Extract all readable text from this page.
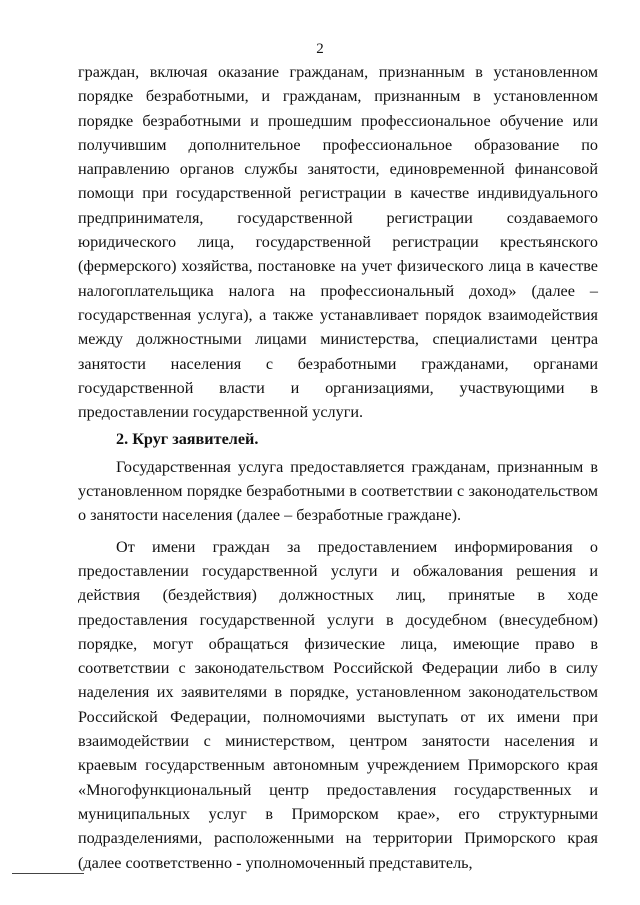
2

граждан, включая оказание гражданам, признанным в установленном порядке безработными, и гражданам, признанным в установленном порядке безработными и прошедшим профессиональное обучение или получившим дополнительное профессиональное образование по направлению органов службы занятости, единовременной финансовой помощи при государственной регистрации в качестве индивидуального предпринимателя, государственной регистрации создаваемого юридического лица, государственной регистрации крестьянского (фермерского) хозяйства, постановке на учет физического лица в качестве налогоплательщика налога на профессиональный доход» (далее – государственная услуга), а также устанавливает порядок взаимодействия между должностными лицами министерства, специалистами центра занятости населения с безработными гражданами, органами государственной власти и организациями, участвующими в предоставлении государственной услуги.

2. Круг заявителей.

Государственная услуга предоставляется гражданам, признанным в установленном порядке безработными в соответствии с законодательством о занятости населения (далее – безработные граждане).

От имени граждан за предоставлением информирования о предоставлении государственной услуги и обжалования решения и действия (бездействия) должностных лиц, принятые в ходе предоставления государственной услуги в досудебном (внесудебном) порядке, могут обращаться физические лица, имеющие право в соответствии с законодательством Российской Федерации либо в силу наделения их заявителями в порядке, установленном законодательством Российской Федерации, полномочиями выступать от их имени при взаимодействии с министерством, центром занятости населения и краевым государственным автономным учреждением Приморского края «Многофункциональный центр предоставления государственных и муниципальных услуг в Приморском крае», его структурными подразделениями, расположенными на территории Приморского края (далее соответственно - уполномоченный представитель,
